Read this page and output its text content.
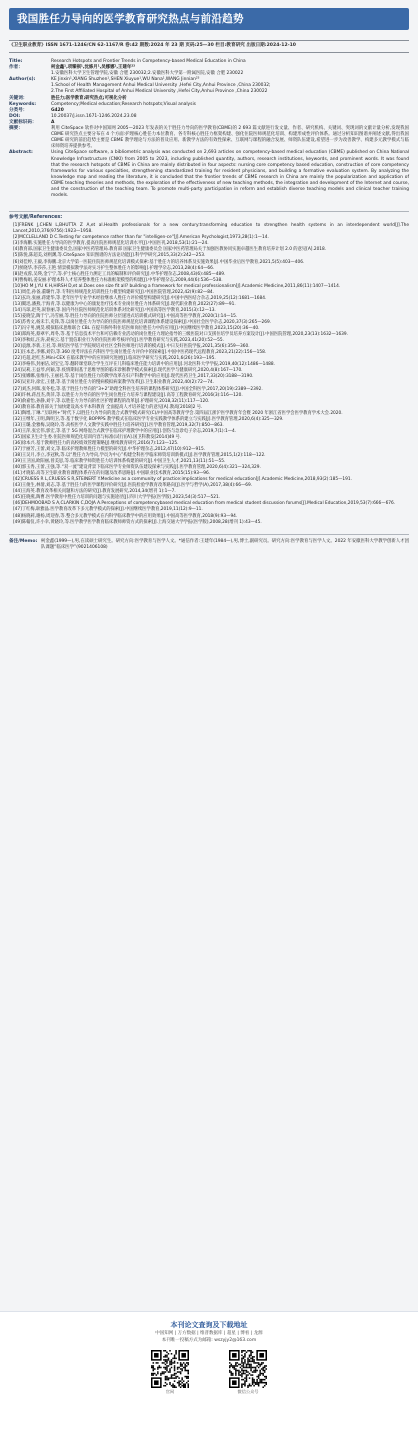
我国胜任力导向的医学教育研究热点与前沿趋势
《卫生职业教育》ISSN 1671-1246/CN 62-1167/R 卷:42 期数:2024 年 23 期 页码:25—30 栏目:教育研究 出版日期:2024-12-10
Title:	Research Hotspots and Frontier Trends in Competency-based Medical Education in China

作者：	柯金鑫¹,项臻祺¹,沈修月¹,吴娜娜¹,王建年²³

1.安徽医科大学卫生管理学院,安徽 合肥 230032;2.安徽医科大学第一附属医院,安徽 合肥 230022

Author(s):	KE Jinxin¹,XIANG Shuzhen¹,SHEN Xiuyue¹,WU Nana¹,WANG Jinnian²³

1.School of Health Management Anhui Medical University ,Hefei City,Anhui Province ,China 230032;

2.The First Affiliated Hospital of Anhui Medical University ,Hefei City,Anhui Province ,China 230022

关键词：	胜任力;医学教育;研究热点;可视化分析

Keywords:	Competency;Medical education;Research hotspots;Visual analysis

分类号：	G420

DOI:	10.20037/j.issn.1671-1246.2024.23.08

文献标识码：	A

摘要：	利用 CiteSpace 软件对中国知网 2005—2023 年发表的关于胜任力导向的医学教育(CBME)的 2 693 篇文献进行发文量、作者、研究机构、关键词、突现词的文献计量分析,发现我国 CBME 研究热点主要分布在 4 个方面:护理核心胜任力本位教育、各专科核心胜任力框架构建、强化住院医师规范化培训、构建形成性评价体系。通过分析知识图谱并阐述文献,得出我国 CBME 研究的前沿趋势主要是 CBME 教学理论与方法的普及应用、新教学方法的有效性探索、互联网与课程的融合发展、师资队伍建设,希望进一步为改善教学、构建多元教学模式与临床师资培养提供参考。

Abstract:	Using CiteSpace software, a bibliometric analysis was conducted on 2,693 articles on competency-based medical education (CBME) published on China National Knowledge Infrastructure (CNKI) from 2005 to 2023, including published quantity, authors, research institutions, keywords, and prominent words. It was found that the research hotspots of CBME in China are mainly distributed in four aspects: nursing core competency based education, construction of core competency frameworks for various specialties, strengthening standardized training for resident physicians, and building a formative evaluation system. By analyzing the knowledge map and reading the literature, it is concluded that the frontier trends of CBME research in China are mainly the popularization and application of CBME teaching theories and methods, the exploration of the effectiveness of new teaching methods, the integration and development of the Internet and course, and the construction of the teaching team. To promote multi-party participation in reform and establish diverse teaching models and clinical teacher training models.

参考文献/References:

[1]FRENK J,CHEN L,BHUTTA Z A,et al.Health professionals for a new century:transforming education to strengthen health systems in an interdependent world[J].The Lancet,2010,376(9756):1923—1958.

[2]MCCLELLAND D C.Testing for competence rather than for "intelligen-ce"[J].American Psychologist,1973,28(1):1—14.

[3]李海鹏.实施胜任力导向的医学教育,提高住院医师规范化培训水平[J].中国医刊,2018,53(1):21—24.

[4]教育部,国家卫生健康委员会,国家中医药管理局.教育部 国家卫生健康委员会 国家中医药管理局关于加强医教协同实施卓越医生教育培养计划 2.0 的意见[A].2018.

[5]陈悦,陈超美,刘则渊,等.CiteSpace 知识图谱的方法论功能[J].科学学研究,2015,33(2):242—253.

[6]刘佳婷,王毅,李海鹏.北京大学第一医院住院医师规范化培训模式探索:基于胜任力的培养体系及实施效果[J].中国毕业后医学教育,2021,5(5):403—406.

[7]侯晓华,李莎莎,王艳.情景模拟教学法对实习护生整体胜任力的影响[J].护理学杂志,2013,28(4):64—66.

[8]赵戎蓉,吴瑛,金宁宁,等.护士核心胜任力测定工具的编制和评价研究[J].中华护理杂志,2008,43(6):485—489.

[9]曹梅娟,姜安丽.护理本科人才培养整体胜任力标准框架模型的构建[J].中华护理杂志,2009,44(6):536—538.

[10]HO M J,YU K H,HIRSH D,et al.Does one size fit all? building a framework for medical professionalism[J].Academic Medicine,2011,86(11):1407—1414.

[11]周佳,孙备,董璐竹,等.专科医师规范化培训胜任力模型构建研究[J].中国医院管理,2022,42(9):82—84.

[12]玄玲,张丽,蒋建华,等.老年医学专业学术经验继承人胜任力评价模型构建研究[J].中国中西医结合杂志,2019,25(12):1681—1684.

[13]閻迅,潘燕,于海青,等.以健康为中心的康复治疗技术专业岗位胜任力体系研究[J].现代职业教育,2022(27):89—91.

[14]马琼,赵英,叙春丽,等.国内外住院医师规范化培训体系对比研究[J].中国高等医学教育,2015(3):12—13.

[15]姜晓莹,陶于宁,冯雪丽,等.胜任力导向的住院医师分层递进式培训模式研究[J].中国高等医学教育,2020(1):14—15.

[16]苏秀文,杨未丰,史锋,等.以岗位胜任力为导向的住院医师规范化培训课程体系建设探索[J].中国社会医学杂志,2020,37(3):265—269.

[17]冯守男,姚昊.模拟临床思维联合 CBL 在提升胸外科住培医师岗位胜任力中的应用[J].中国继续医学教育,2023,15(20):36—40.

[18]郑海英,蔡翠平,周冬,等.基于信息技术平台和可信赖专业活动的岗位胜任力理论指导的三级医院对口支援住培学员培养方案设计[J].中国医院管理,2020,23(13):1632—1639.

[19]李秋虹,汪涛,聂祝云.基于置信职业行为的住院医师考核评价[J].医学教育研究与实践,2023,41(20):52—55.

[20]袁源,李新,王君,等.规培医学基于学院规培对社区全科医师进行培训的模式[J].中日友好医院学报,2021,35(6):359—360.

[21]汪本忠,李娜,刘钧,等.360 度考评法在内科医学生岗位胜任力评价中的探索[J].中国中医药现代远程教育,2023,21(22):156—158.

[22]毛超,赵红杰.Mini-CEX 在临床教学中的应用研究进展[J].临床医学研究与实践,2021,6(26):193—195.

[23]李格伟,封丽洁,刘宝宝,等.翻转课堂联合学生互评在儿科临床胜任能力培训中的应用[J].河北医科大学学报,2019,40(12):1486—1488.

[24]吴莉,王益琴,何颖,等.疫情期间基于思维导图的临床诊断教学模式探索[J].现代医学与健康研究,2020,4(8):167—170.

[25]张娜娜,张维丹,王丽君,等.基于岗位胜任力的教学改革在妇产科教学中的应用[J].现代医药卫生,2017,33(20):3188—3190.

[26]吴亚玲,徐宏,王健,等.基于岗位胜任力的慢病模拟病案教学改革[J].卫生职业教育,2022,40(2):72—74.

[27]刘杰,何晖,张冬松,等.基于胜任力导向的“3+2”助理全科医生培养的课程体系研究[J].中国全科医学,2017,20(19):2389—2392.

[28]许林,蒋昌杰,黄萍,等.以胜任力为导向的医学生岗位胜任力培养与课程建设[J].高等工程教育研究,2016(3):116—120.

[29]俞嘉怡,孙静,刘宇,等.以胜任力为导向的社区护理课程的改革[J].护理研究,2018,32(11):117—120.

[30]教育部.教育部关于加快建设高水平本科教育 全面提高人才培养能力的意见[A].教高[2018]2 号.

[31]陶增,丁琳.“互联网+”时代下,以胜任力为导向的混合式教学模式研究(C)//中国高等教育学会.第四届江浙沪医学教育年会暨 2020 年浙江省医学会医学教育学术大会.2020.

[32]王继年,王明,陶明卫,等.基于数字化 BOPPPS 教学模式在临床医学专业实践教学体系的建立与实践[J].医学教育管理,2020,6(4):325—329.

[33]王璐,金雅梅,吴晓玲,等.高校医学人文教学实践中胜任力培养研究[J].医学教育管理,2019,32(7):850—863.

[34]王萍,张宏伟,郭宏,等.基于 5G 网络混合式教学在临床护理教学中的应用[J].创伤与急诊电子杂志,2019,7(1):1—4.

[35]国家卫生计生委.住院医师规范化培训内容与标准(试行)[A].国卫科教发[2014]49 号.

[36]徐本兴.基于教师胜任力的高校绩效管理策略[J].继续教育研究,2016(7):123—125.

[37]于丽芳,王蕾,刘文,等.临床护理教师胜任力模型的研究[J].中华护理杂志,2012,47(10):912—915.

[38]王吴月,李立,李冠秋,等.以“胜任力为导向,学员为中心”构建全科医学临床师资培训新模式[J].医学教育管理,2015,1(2):118—122.

[39]王卫国,欧阳丽,曾美思,等.临床教学师资胜任力培训体系构建的研究[J].中国卫生人才,2021,13(11):51—55.

[40]郭玉秀,王蕾,王强,等.“双一流”建设背景下临床医学专业师资队伍建设探索与实践[J].医学教育管理,2020,6(4):321—324,329.

[41]才晓茹.高等卫生职业教育课程体系存在的问题及改革思路[J].中国职业技术教育,2015(15):93—96.

[42]CRUESS R L,CRUESS S R,STEINERT Y.Medicine as a community of practice:implications for medical education[J].Academic Medicine,2018,93(2):185—191.

[43]王俊生,林倩,刘志,等.基于胜任力的医学课程评价研究[J].医院检验学教育改革路向[J].医学与哲学(A),2017,38(4):66—69.

[44]王海英.教育改革相关问题和方法的研究[J].教育发展研究,2014,34(增刊 1):1—7.

[45]任晓燕,陶曹.医学教育中胜任力培训的问题与实施途径[J].四川大学学报(医学版),2023,54(3):517—521.

[46]DEHMOOBAD S A,CLARKIN C,DOJA A.Perceptions of competencybased medical education from medical student discussion forums[J].Medical Education,2019,53(7):666—676.

[47]丁红梅,耿雅晶.医学教育改革下多元教学模式的探索[J].中国继续医学教育,2019,11(12):9—11.

[48]杨晓莉,谢杨,周迎春,等.整合多元教学模式在内科学临床教学中的应用效果[J].中国高等医学教育,2018(9):93—94.

[49]陈翰仪,许小幸,黄晓玲,等.医学教学医学教育临床教师师资方式的探索[J].上海交通大学学报(医学版),2008,28(增刊 1):43—45.

备注/Memo: 柯金鑫(1999—),男,在读硕士研究生。研究方向:医学教育与医学人文。*通信作者:王建年(1984—),男,博士,副研究员。研究方向:医学教育与医学人文。2022 年安徽医科大学教学创新人才团队课题“临床医学”(9021406108)
本刊论文查询及下载地址
中国知网 | 万方数据 | 维普数据库 | 超星 | 博看 | 龙源
本刊唯一投稿方式为邮箱: wszyjy2@163.com
官网	微信公众号
